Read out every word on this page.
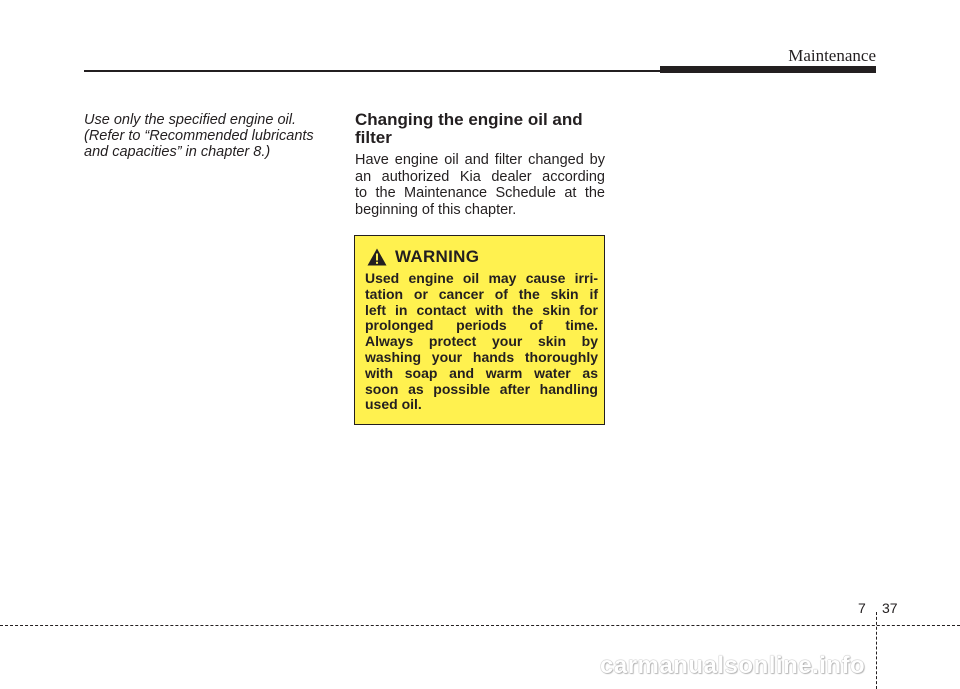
Maintenance
Use only the specified engine oil.
(Refer to “Recommended lubricants
and capacities” in chapter 8.)
Changing the engine oil and
filter
Have engine oil and filter changed by
an authorized Kia dealer according
to the Maintenance Schedule at the
beginning of this chapter.
WARNING
Used engine oil may cause irri-
tation or cancer of the skin if
left in contact with the skin for
prolonged periods of time.
Always protect your skin by
washing your hands thoroughly
with soap and warm water as
soon as possible after handling
used oil.
7 37
carmanualsonline.info
